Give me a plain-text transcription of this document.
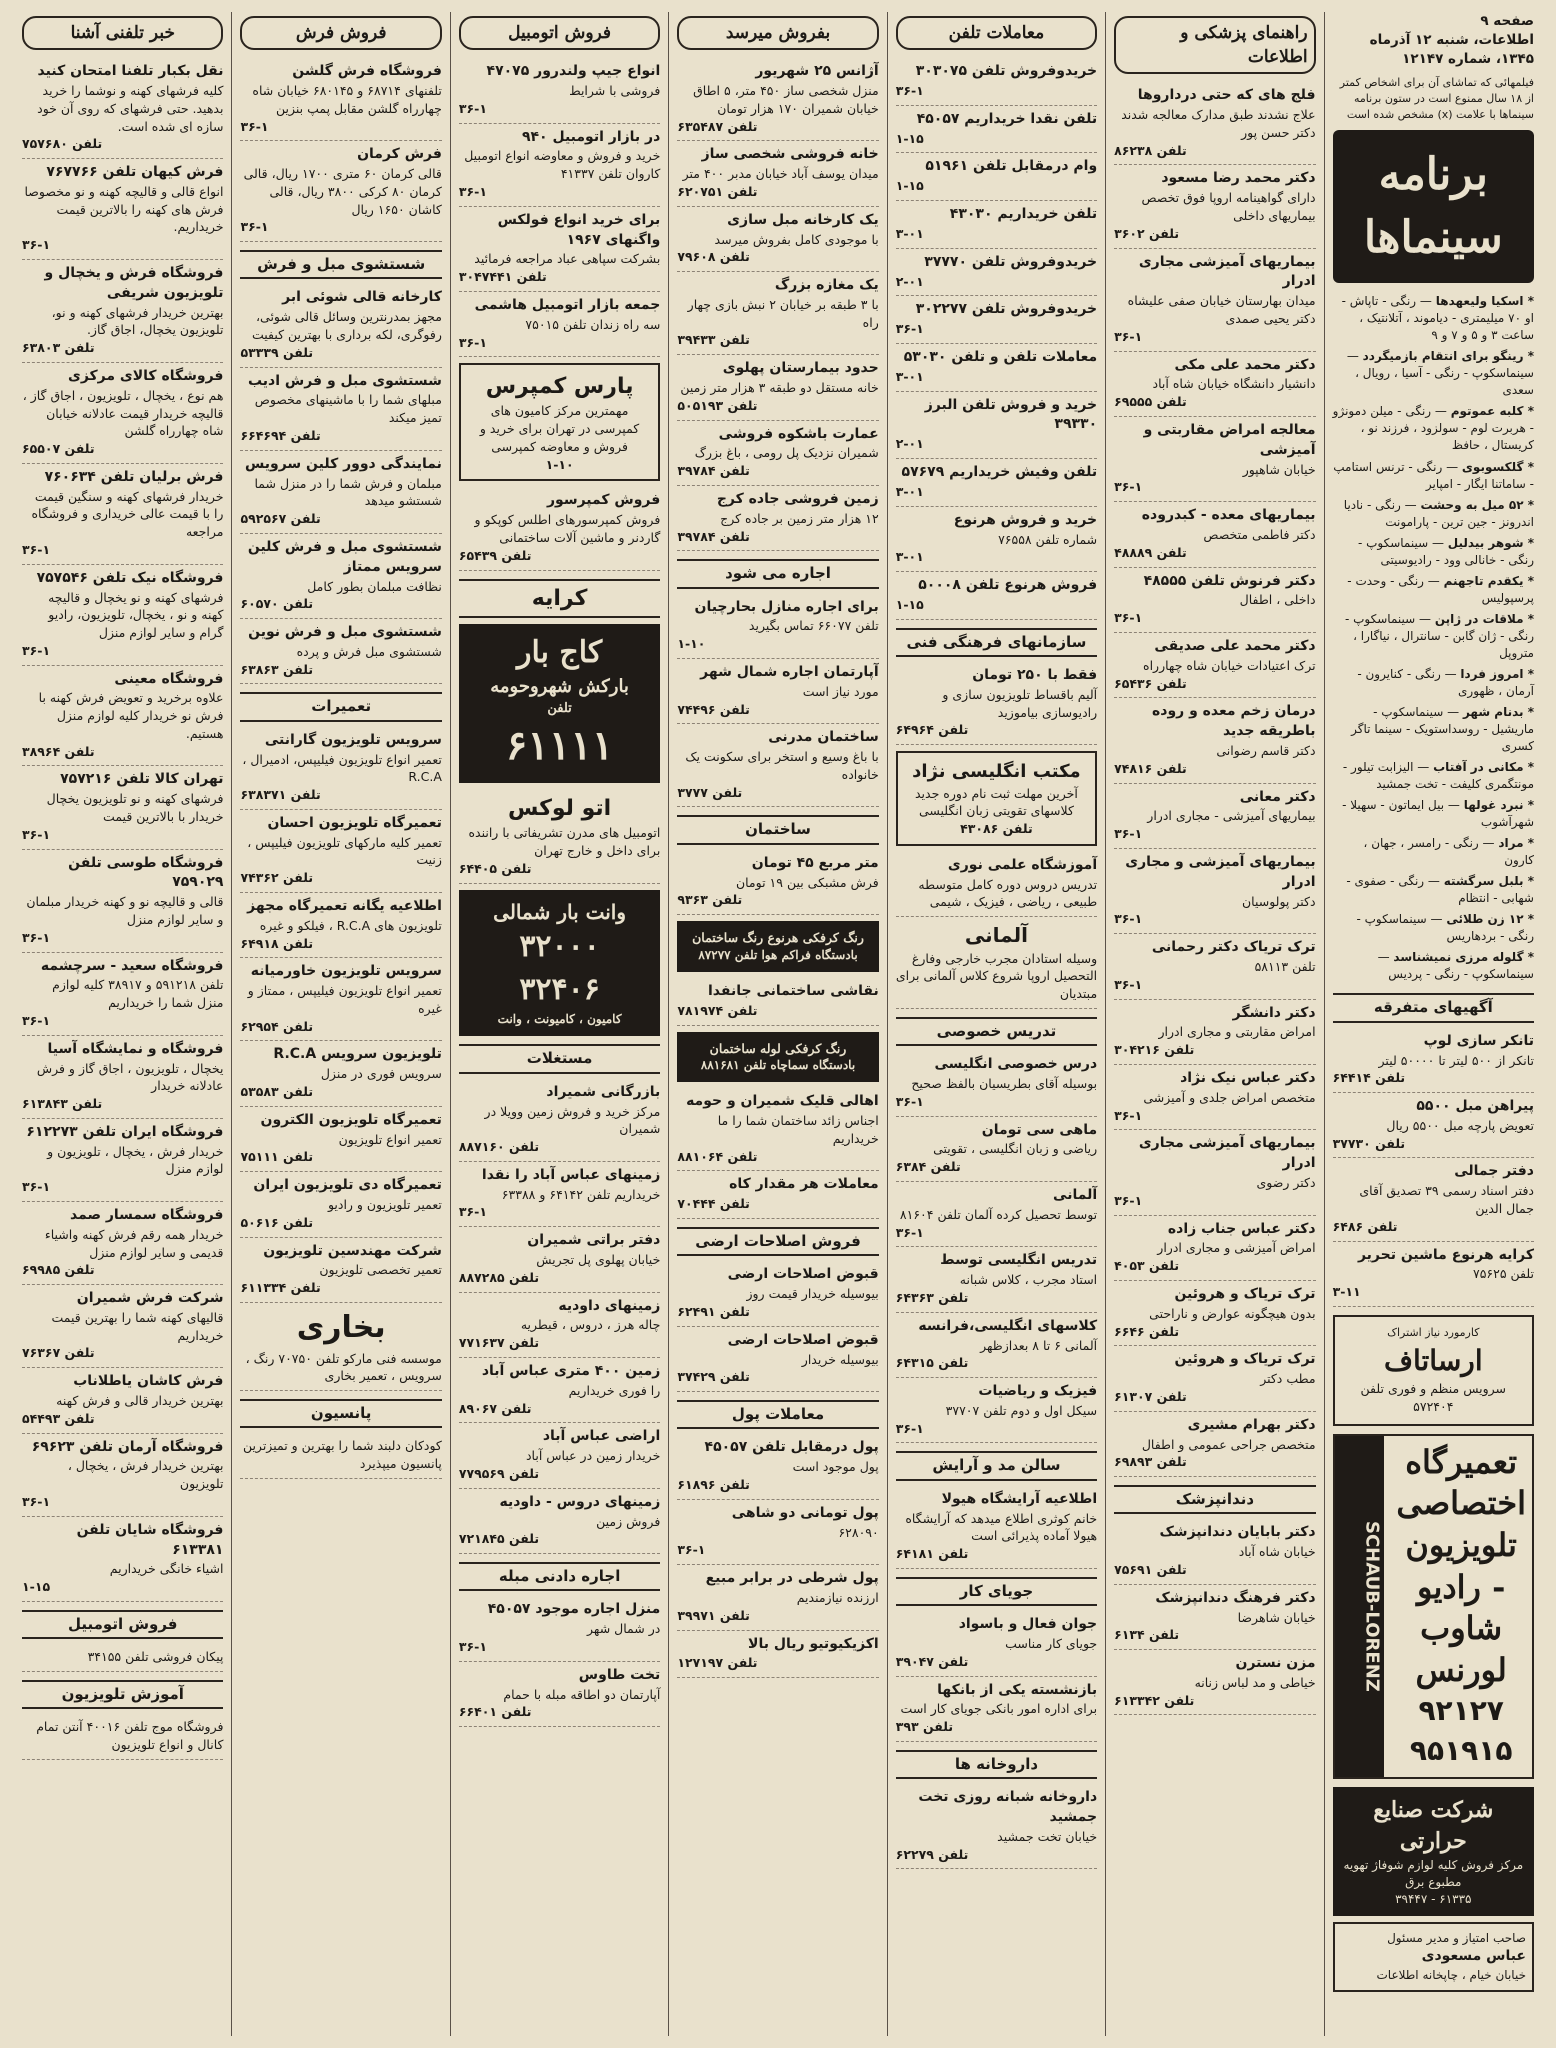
صفحه ۹
اطلاعات، شنبه ۱۲ آذرماه ۱۳۴۵، شماره ۱۲۱۴۷
فیلمهائی که تماشای آن برای اشخاص کمتر از ۱۸ سال ممنوع است در ستون برنامه سینماها با علامت (x) مشخص شده است
برنامه سینماها
* اسکیا ولیعهدها — رنگی - تاپاش - او ۷۰ میلیمتری - دیاموند ، آتلانتیک ، ساعت ۳ و ۵ و ۷ و ۹
* رینگو برای انتقام بازمیگردد — سینماسکوپ - رنگی - آسیا ، رویال ، سعدی
* کلبه عموتوم — رنگی - میلن دمونژو - هربرت لوم - سولزود ، فرزند نو ، کریستال ، حافظ
* گلکسوبوی — رنگی - ترنس استامپ - ساماتنا ایگار - امپایر
* ۵۲ میل به وحشت — رنگی - نادیا اندرونز - جین ترین - پارامونت
* شوهر بیدلیل — سینماسکوپ - رنگی - خانالی وود - رادیوسیتی
* یکقدم تاجهنم — رنگی - وحدت - پرسپولیس
* ملاقات در ژاپن — سینماسکوپ - رنگی - ژان گابن - سانترال ، نیاگارا ، متروپل
* امروز فردا — رنگی - کنایرون - آرمان ، ظهوری
* بدنام شهر — سینماسکوپ - ماریشیل - روسداستویک - سینما تاگر کسری
* مکانی در آفتاب — الیزابت تیلور - مونتگمری کلیفت - تخت جمشید
* نبرد غولها — بیل ایماتون - سهیلا - شهرآشوب
* مراد — رنگی - رامسر ، جهان ، کارون
* بلبل سرگشته — رنگی - صفوی - شهابی - انتظام
* ۱۲ زن طلائی — سینماسکوپ - رنگی - بردهاریس
* گلوله مرزی نمیشناسد — سینماسکوپ - رنگی - پردیس
آگهیهای متفرقه
تانکر سازی لوپ
تانکر از ۵۰۰ لیتر تا ۵۰۰۰۰ لیتر
تلفن ۶۴۴۱۴
پیراهن مبل ۵۵۰۰
تعویض پارچه مبل ۵۵۰۰ ریال
تلفن ۳۷۷۳۰
دفتر جمالی
دفتر اسناد رسمی ۳۹ تصدیق آقای جمال الدین
تلفن ۶۴۸۶
کرایه هرنوع ماشین تحریر
تلفن ۷۵۶۲۵
۳-۱۱
کارمورد نیاز اشتراک
ارساتاف
سرویس منظم و فوری تلفن ۵۷۲۴۰۴
تعمیرگاه اختصاصی تلویزیون - رادیو شاوب لورنس
۹۲۱۲۷
۹۵۱۹۱۵
SCHAUB-LORENZ
شرکت صنایع حرارتی
مرکز فروش کلیه لوازم شوفاژ تهویه مطبوع برق
۶۱۳۳۵ - ۳۹۴۴۷
صاحب امتیاز و مدیر مسئول
عباس مسعودی
خیابان خیام ، چاپخانه اطلاعات
راهنمای پزشکی و اطلاعات
فلج های که حتی درداروها
علاج نشدند طبق مدارک معالجه شدند دکتر حسن پور
تلفن ۸۶۲۳۸
دکتر محمد رضا مسعود
دارای گواهینامه اروپا فوق تخصص بیماریهای داخلی
تلفن ۳۶۰۲
بیماریهای آمیزشی مجاری ادرار
میدان بهارستان خیابان صفی علیشاه دکتر یحیی صمدی
۳۶-۱
دکتر محمد علی مکی
دانشیار دانشگاه خیابان شاه آباد
تلفن ۶۹۵۵۵
معالجه امراض مقاربتی و آمیزشی
خیابان شاهپور
۳۶-۱
بیماریهای معده - کبدروده
دکتر فاطمی متخصص
تلفن ۴۸۸۸۹
دکتر فرنوش تلفن ۴۸۵۵۵
داخلی ، اطفال
۳۶-۱
دکتر محمد علی صدیقی
ترک اعتیادات خیابان شاه چهارراه
تلفن ۶۵۴۳۶
درمان زخم معده و روده باطریقه جدید
دکتر قاسم رضوانی
تلفن ۷۴۸۱۶
دکتر معانی
بیماریهای آمیزشی - مجاری ادرار
۳۶-۱
بیماریهای آمیزشی و مجاری ادرار
دکتر پولوسیان
۳۶-۱
ترک تریاک دکتر رحمانی
تلفن ۵۸۱۱۳
۳۶-۱
دکتر دانشگر
امراض مقاربتی و مجاری ادرار
تلفن ۳۰۴۲۱۶
دکتر عباس نیک نژاد
متخصص امراض جلدی و آمیزشی
۳۶-۱
بیماریهای آمیزشی مجاری ادرار
دکتر رضوی
۳۶-۱
دکتر عباس جناب زاده
امراض آمیزشی و مجاری ادرار
تلفن ۴۰۵۳
ترک تریاک و هروئین
بدون هیچگونه عوارض و ناراحتی
تلفن ۶۶۴۶
ترک تریاک و هروئین
مطب دکتر
تلفن ۶۱۳۰۷
دکتر بهرام مشیری
متخصص جراحی عمومی و اطفال
تلفن ۶۹۸۹۳
دندانپزشک
دکتر بابایان دندانپزشک
خیابان شاه آباد
تلفن ۷۵۶۹۱
دکتر فرهنگ دندانپزشک
خیابان شاهرضا
تلفن ۶۱۳۴
مزن نسترن
خیاطی و مد لباس زنانه
تلفن ۶۱۳۳۴۲
معاملات تلفن
خریدوفروش تلفن ۳۰۳۰۷۵
۳۶-۱
تلفن نقدا خریداریم ۴۵۰۵۷
۱-۱۵
وام درمقابل تلفن ۵۱۹۶۱
۱-۱۵
تلفن خریداریم ۴۳۰۳۰
۳-۰۱
خریدوفروش تلفن ۳۷۷۷۰
۲-۰۱
خریدوفروش تلفن ۳۰۲۲۷۷
۳۶-۱
معاملات تلفن و تلفن ۵۳۰۳۰
۳-۰۱
خرید و فروش تلفن البرز ۳۹۳۳۰
۲-۰۱
تلفن وفیش خریداریم ۵۷۶۷۹
۳-۰۱
خرید و فروش هرنوع
شماره تلفن ۷۶۵۵۸
۳-۰۱
فروش هرنوع تلفن ۵۰۰۰۸
۱-۱۵
سازمانهای فرهنگی فنی
فقط با ۲۵۰ تومان
آلیم باقساط تلویزیون سازی و رادیوسازی بیاموزید
تلفن ۶۴۹۶۴
مکتب انگلیسی نژاد
آخرین مهلت ثبت نام دوره جدید کلاسهای تقویتی زبان انگلیسی
تلفن ۴۳۰۸۶
آموزشگاه علمی نوری
تدریس دروس دوره کامل متوسطه طبیعی ، ریاضی ، فیزیک ، شیمی
آلمانی
وسیله استادان مجرب خارجی وفارغ التحصیل اروپا شروع کلاس آلمانی برای مبتدیان
تدریس خصوصی
درس خصوصی انگلیسی
بوسیله آقای بطریسیان بالفظ صحیح
۳۶-۱
ماهی سی تومان
ریاضی و زبان انگلیسی ، تقویتی
تلفن ۶۳۸۴
آلمانی
توسط تحصیل کرده آلمان تلفن ۸۱۶۰۴
۳۶-۱
تدریس انگلیسی توسط
استاد مجرب ، کلاس شبانه
تلفن ۶۴۳۶۳
کلاسهای انگلیسی،فرانسه
آلمانی ۶ تا ۸ بعدازظهر
تلفن ۶۴۳۱۵
فیزیک و ریاضیات
سیکل اول و دوم تلفن ۳۷۷۰۷
۳۶-۱
سالن مد و آرایش
اطلاعیه آرایشگاه هیولا
خانم کوثری اطلاع میدهد که آرایشگاه هیولا آماده پذیرائی است
تلفن ۶۴۱۸۱
جویای کار
جوان فعال و باسواد
جویای کار مناسب
تلفن ۳۹۰۴۷
بازنشسته یکی از بانکها
برای اداره امور بانکی جویای کار است
تلفن ۳۹۳
داروخانه ها
داروخانه شبانه روزی تخت جمشید
خیابان تخت جمشید
تلفن ۶۲۲۷۹
بفروش میرسد
آژانس ۲۵ شهریور
منزل شخصی ساز ۴۵۰ متر، ۵ اطاق خیابان شمیران ۱۷۰ هزار تومان
تلفن ۶۳۵۴۸۷
خانه فروشی شخصی ساز
میدان یوسف آباد خیابان مدبر ۴۰۰ متر
تلفن ۶۲۰۷۵۱
یک کارخانه مبل سازی
با موجودی کامل بفروش میرسد
تلفن ۷۹۶۰۸
یک مغازه بزرگ
با ۳ طبقه بر خیابان ۲ نبش بازی چهار راه
تلفن ۳۹۴۳۳
حدود بیمارستان پهلوی
خانه مستقل دو طبقه ۳ هزار متر زمین
تلفن ۵۰۵۱۹۳
عمارت باشکوه فروشی
شمیران نزدیک پل رومی ، باغ بزرگ
تلفن ۳۹۷۸۴
زمین فروشی جاده کرج
۱۲ هزار متر زمین بر جاده کرج
تلفن ۳۹۷۸۴
اجاره می شود
برای اجاره منازل بحارچیان
تلفن ۶۶۰۷۷ تماس بگیرید
۱-۱۰
آپارتمان اجاره شمال شهر
مورد نیاز است
تلفن ۷۴۴۹۶
ساختمان مدرنی
با باغ وسیع و استخر برای سکونت یک خانواده
تلفن ۳۷۷۷
ساختمان
متر مربع ۴۵ تومان
فرش مشبکی بین ۱۹ تومان
تلفن ۹۳۶۳
رنگ کرفکی هرنوع رنگ ساختمان
بادستگاه فراکم هوا تلفن ۸۷۲۷۷
نقاشی ساختمانی جانفدا
تلفن ۷۸۱۹۷۴
رنگ کرفکی لوله ساختمان
بادستگاه سماچاه تلفن ۸۸۱۶۸۱
اهالی قلیک شمیران و حومه
اجناس زائد ساختمان شما را ما خریداریم
تلفن ۸۸۱۰۶۴
معاملات هر مقدار کاه
تلفن ۷۰۴۴۴
فروش اصلاحات ارضی
قبوض اصلاحات ارضی
بیوسیله خریدار قیمت روز
تلفن ۶۲۴۹۱
قبوض اصلاحات ارضی
بیوسیله خریدار
تلفن ۳۷۴۲۹
معاملات پول
پول درمقابل تلفن ۴۵۰۵۷
پول موجود است
تلفن ۶۱۸۹۶
پول تومانی دو شاهی
۶۲۸۰۹۰
۳۶-۱
پول شرطی در برابر مبیع
ارزنده نیازمندیم
تلفن ۳۹۹۷۱
اکزیکیوتیو ریال بالا
تلفن ۱۲۷۱۹۷
فروش اتومبیل
انواع جیپ ولندرور ۴۷۰۷۵
فروشی با شرایط
۳۶-۱
در بازار اتومبیل ۹۴۰
خرید و فروش و معاوضه انواع اتومبیل کاروان تلفن ۴۱۳۳۷
۳۶-۱
برای خرید انواع فولکس واگنهای ۱۹۶۷
بشرکت سپاهی عباد مراجعه فرمائید
تلفن ۳۰۴۷۴۴۱
جمعه بازار اتومبیل هاشمی
سه راه زندان تلفن ۷۵۰۱۵
۳۶-۱
پارس کمپرس
مهمترین مرکز کامیون های کمپرسی در تهران برای خرید و فروش و معاوضه کمپرسی
۱-۱۰
فروش کمپرسور
فروش کمپرسورهای اطلس کوپکو و گاردنر و ماشین آلات ساختمانی
تلفن ۶۵۴۳۹
کرایه
کاج بار
بارکش شهروحومه
تلفن
۶۱۱۱۱
اتو لوکس
اتومبیل های مدرن تشریفاتی با راننده برای داخل و خارج تهران
تلفن ۶۴۴۰۵
وانت بار شمالی
۳۲۰۰۰
۳۲۴۰۶
کامیون ، کامیونت ، وانت
مستغلات
بازرگانی شمیراد
مرکز خرید و فروش زمین وویلا در شمیران
تلفن ۸۸۷۱۶۰
زمینهای عباس آباد را نقدا
خریداریم تلفن ۶۴۱۴۲ و ۶۳۳۸۸
۳۶-۱
دفتر براتی شمیران
خیابان پهلوی پل تجریش
تلفن ۸۸۷۲۸۵
زمینهای داودیه
چاله هرز ، دروس ، قیطریه
تلفن ۷۷۱۶۳۷
زمین ۴۰۰ متری عباس آباد
را فوری خریداریم
تلفن ۸۹۰۶۷
اراضی عباس آباد
خریدار زمین در عباس آباد
تلفن ۷۷۹۵۶۹
زمینهای دروس - داودیه
فروش زمین
تلفن ۷۲۱۸۴۵
اجاره دادنی مبله
منزل اجاره موجود ۴۵۰۵۷
در شمال شهر
۳۶-۱
تخت طاوس
آپارتمان دو اطاقه مبله با حمام
تلفن ۶۶۴۰۱
فروش فرش
فروشگاه فرش گلشن
تلفنهای ۶۸۷۱۴ و ۶۸۰۱۴۵ خیابان شاه چهارراه گلشن مقابل پمپ بنزین
۳۶-۱
فرش کرمان
قالی کرمان ۶۰ متری ۱۷۰۰ ریال، قالی کرمان ۸۰ کرکی ۳۸۰۰ ریال، قالی کاشان ۱۶۵۰ ریال
۳۶-۱
شستشوی مبل و فرش
کارخانه قالی شوئی ابر
مجهز بمدرنترین وسائل قالی شوئی، رفوگری، لکه برداری با بهترین کیفیت
تلفن ۵۳۳۳۹
شستشوی مبل و فرش ادیب
مبلهای شما را با ماشینهای مخصوص تمیز میکند
تلفن ۶۶۴۶۹۴
نمایندگی دوور کلین سرویس
مبلمان و فرش شما را در منزل شما شستشو میدهد
تلفن ۵۹۲۵۶۷
شستشوی مبل و فرش کلین سرویس ممتاز
نظافت مبلمان بطور کامل
تلفن ۶۰۵۷۰
شستشوی مبل و فرش نوین
شستشوی مبل فرش و پرده
تلفن ۶۳۸۶۳
تعمیرات
سرویس تلویزیون گارانتی
تعمیر انواع تلویزیون فیلیپس، ادمیرال ، R.C.A
تلفن ۶۳۸۳۷۱
تعمیرگاه تلویزیون احسان
تعمیر کلیه مارکهای تلویزیون فیلیپس ، زنیت
تلفن ۷۴۳۶۲
اطلاعیه یگانه تعمیرگاه مجهز
تلویزیون های R.C.A ، فیلکو و غیره
تلفن ۶۴۹۱۸
سرویس تلویزیون خاورمیانه
تعمیر انواع تلویزیون فیلیپس ، ممتاز و غیره
تلفن ۶۲۹۵۴
تلویزیون سرویس R.C.A
سرویس فوری در منزل
تلفن ۵۳۵۸۳
تعمیرگاه تلویزیون الکترون
تعمیر انواع تلویزیون
تلفن ۷۵۱۱۱
تعمیرگاه دی تلویزیون ایران
تعمیر تلویزیون و رادیو
تلفن ۵۰۶۱۶
شرکت مهندسین تلویزیون
تعمیر تخصصی تلویزیون
تلفن ۶۱۱۳۳۴
بخاری
موسسه فنی مارکو تلفن ۷۰۷۵۰ رنگ ، سرویس ، تعمیر بخاری
پانسیون
کودکان دلبند شما را بهترین و تمیزترین پانسیون میپذیرد
خبر تلفنی آشنا
نقل بکبار تلفنا امتحان کنید
کلیه فرشهای کهنه و نوشما را خرید بدهید. حتی فرشهای که روی آن خود سازه ای شده است.
تلفن ۷۵۷۶۸۰
فرش کیهان تلفن ۷۶۷۷۶۶
انواع قالی و قالیچه کهنه و نو مخصوصا فرش های کهنه را بالاترین قیمت خریداریم.
۳۶-۱
فروشگاه فرش و یخچال و تلویزیون شریفی
بهترین خریدار فرشهای کهنه و نو، تلویزیون یخچال، اجاق گاز.
تلفن ۶۳۸۰۳
فروشگاه کالای مرکزی
هم نوع ، یخچال ، تلویزیون ، اجاق گاز ، قالیچه خریدار قیمت عادلانه خیابان شاه چهارراه گلشن
تلفن ۶۵۵۰۷
فرش برلیان تلفن ۷۶۰۶۳۴
خریدار فرشهای کهنه و سنگین قیمت را با قیمت عالی خریداری و فروشگاه مراجعه
۳۶-۱
فروشگاه نیک تلفن ۷۵۷۵۴۶
فرشهای کهنه و نو یخچال و قالیچه کهنه و نو ، یخچال، تلویزیون، رادیو گرام و سایر لوازم منزل
۳۶-۱
فروشگاه معینی
علاوه برخرید و تعویض فرش کهنه با فرش نو خریدار کلیه لوازم منزل هستیم.
تلفن ۳۸۹۶۴
تهران کالا تلفن ۷۵۷۲۱۶
فرشهای کهنه و نو تلویزیون یخچال خریدار با بالاترین قیمت
۳۶-۱
فروشگاه طوسی تلفن ۷۵۹۰۲۹
قالی و قالیچه نو و کهنه خریدار مبلمان و سایر لوازم منزل
۳۶-۱
فروشگاه سعید - سرچشمه
تلفن ۵۹۱۲۱۸ و ۳۸۹۱۷ کلیه لوازم منزل شما را خریداریم
۳۶-۱
فروشگاه و نمایشگاه آسیا
یخچال ، تلویزیون ، اجاق گاز و فرش عادلانه خریدار
تلفن ۶۱۳۸۴۳
فروشگاه ایران تلفن ۶۱۲۲۷۳
خریدار فرش ، یخچال ، تلویزیون و لوازم منزل
۳۶-۱
فروشگاه سمسار صمد
خریدار همه رقم فرش کهنه واشیاء قدیمی و سایر لوازم منزل
تلفن ۶۹۹۸۵
شرکت فرش شمیران
قالیهای کهنه شما را بهترین قیمت خریداریم
تلفن ۷۶۳۶۷
فرش کاشان یاطلاناب
بهترین خریدار قالی و فرش کهنه
تلفن ۵۴۴۹۳
فروشگاه آرمان تلفن ۶۹۶۲۳
بهترین خریدار فرش ، یخچال ، تلویزیون
۳۶-۱
فروشگاه شایان تلفن ۶۱۳۳۸۱
اشیاء خانگی خریداریم
۱-۱۵
فروش اتومبیل
پیکان فروشی تلفن ۳۴۱۵۵
آموزش تلویزیون
فروشگاه موج تلفن ۴۰۰۱۶ آنتن تمام کانال و انواع تلویزیون
